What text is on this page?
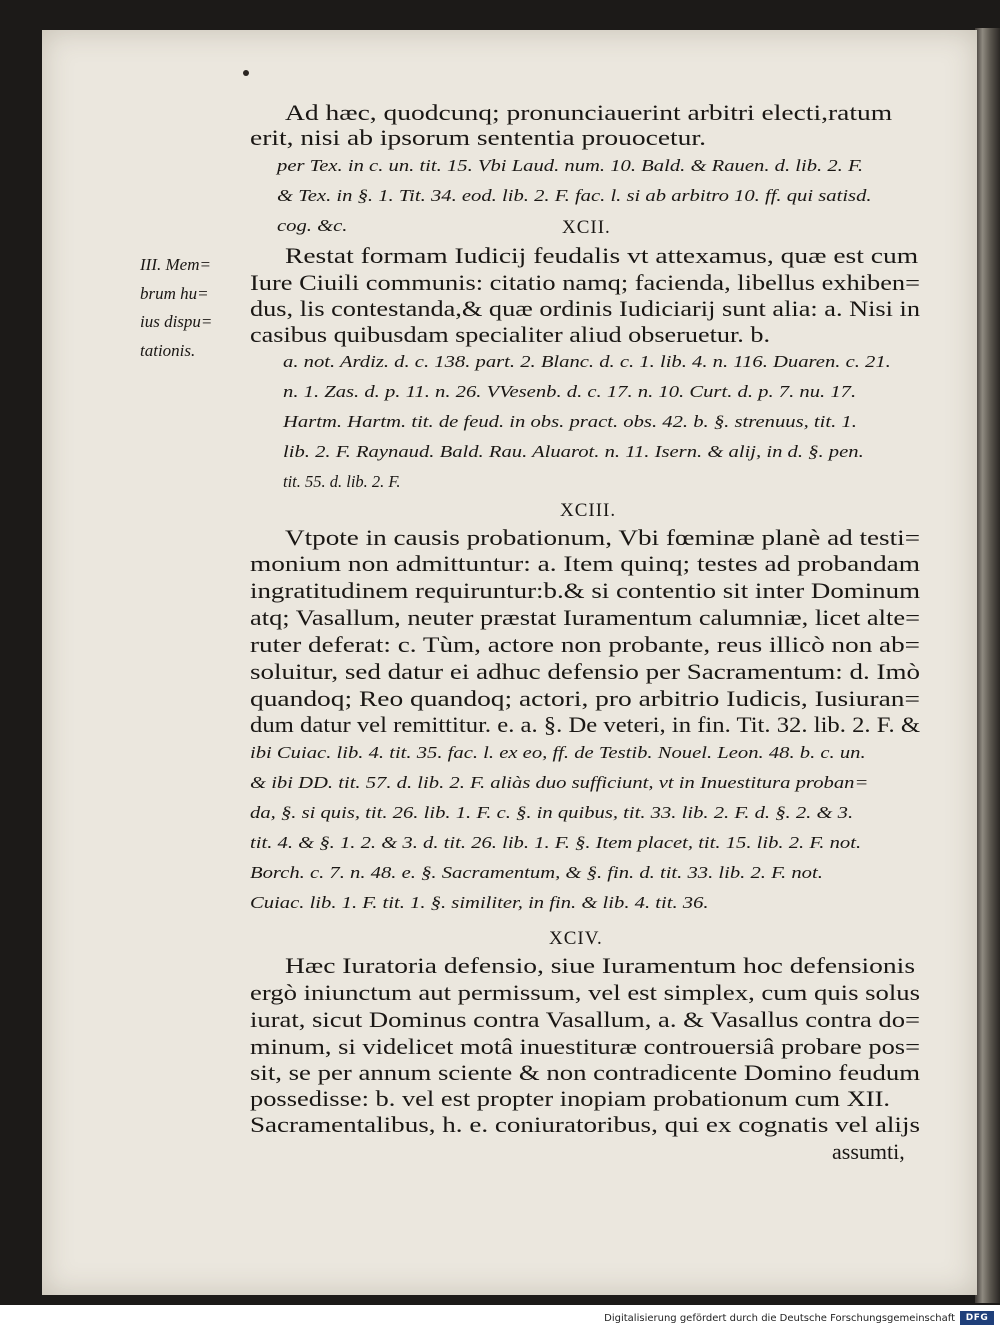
Ad hæc, quodcunq; pronunciauerint arbitri electi,ratum
erit, nisi ab ipsorum sententia prouocetur.
per Tex. in c. un. tit. 15. Vbi Laud. num. 10. Bald. & Rauen. d. lib. 2. F.
& Tex. in §. 1. Tit. 34. eod. lib. 2. F. fac. l. si ab arbitro 10. ff. qui satisd.
cog. &c.	XCII.
Restat formam Iudicij feudalis vt attexamus, quæ est cum
Iure Ciuili communis: citatio namq; facienda, libellus exhiben=
dus, lis contestanda,& quæ ordinis Iudiciarij sunt alia: a. Nisi in
casibus quibusdam specialiter aliud obseruetur. b.
a. not. Ardiz. d. c. 138. part. 2. Blanc. d. c. 1. lib. 4. n. 116. Duaren. c. 21.
n. 1. Zas. d. p. 11. n. 26. VVesenb. d. c. 17. n. 10. Curt. d. p. 7. nu. 17.
Hartm. Hartm. tit. de feud. in obs. pract. obs. 42. b. §. strenuus, tit. 1.
lib. 2. F. Raynaud. Bald. Rau. Aluarot. n. 11. Isern. & alij, in d. §. pen.
tit. 55. d. lib. 2. F.
XCIII.
Vtpote in causis probationum, Vbi fœminæ planè ad testi=
monium non admittuntur: a. Item quinq; testes ad probandam
ingratitudinem requiruntur:b.& si contentio sit inter Dominum
atq; Vasallum, neuter præstat Iuramentum calumniæ, licet alte=
ruter deferat: c. Tùm, actore non probante, reus illicò non ab=
soluitur, sed datur ei adhuc defensio per Sacramentum: d. Imò
quandoq; Reo quandoq; actori, pro arbitrio Iudicis, Iusiuran=
dum datur vel remittitur. e. a. §. De veteri, in fin. Tit. 32. lib. 2. F. &
ibi Cuiac. lib. 4. tit. 35. fac. l. ex eo, ff. de Testib. Nouel. Leon. 48. b. c. un.
& ibi DD. tit. 57. d. lib. 2. F. aliàs duo sufficiunt, vt in Inuestitura proban=
da, §. si quis, tit. 26. lib. 1. F. c. §. in quibus, tit. 33. lib. 2. F. d. §. 2. & 3.
tit. 4. & §. 1. 2. & 3. d. tit. 26. lib. 1. F. §. Item placet, tit. 15. lib. 2. F. not.
Borch. c. 7. n. 48. e. §. Sacramentum, & §. fin. d. tit. 33. lib. 2. F. not.
Cuiac. lib. 1. F. tit. 1. §. similiter, in fin. & lib. 4. tit. 36.
XCIV.
Hæc Iuratoria defensio, siue Iuramentum hoc defensionis
ergò iniunctum aut permissum, vel est simplex, cum quis solus
iurat, sicut Dominus contra Vasallum, a. & Vasallus contra do=
minum, si videlicet motâ inuestituræ controuersiâ probare pos=
sit, se per annum sciente & non contradicente Domino feudum
possedisse: b. vel est propter inopiam probationum cum XII.
Sacramentalibus, h. e. coniuratoribus, qui ex cognatis vel alijs
assumti,
III. Mem=
brum hu=
ius dispu=
tationis.
Digitalisierung gefördert durch die Deutsche Forschungsgemeinschaft	DFG
